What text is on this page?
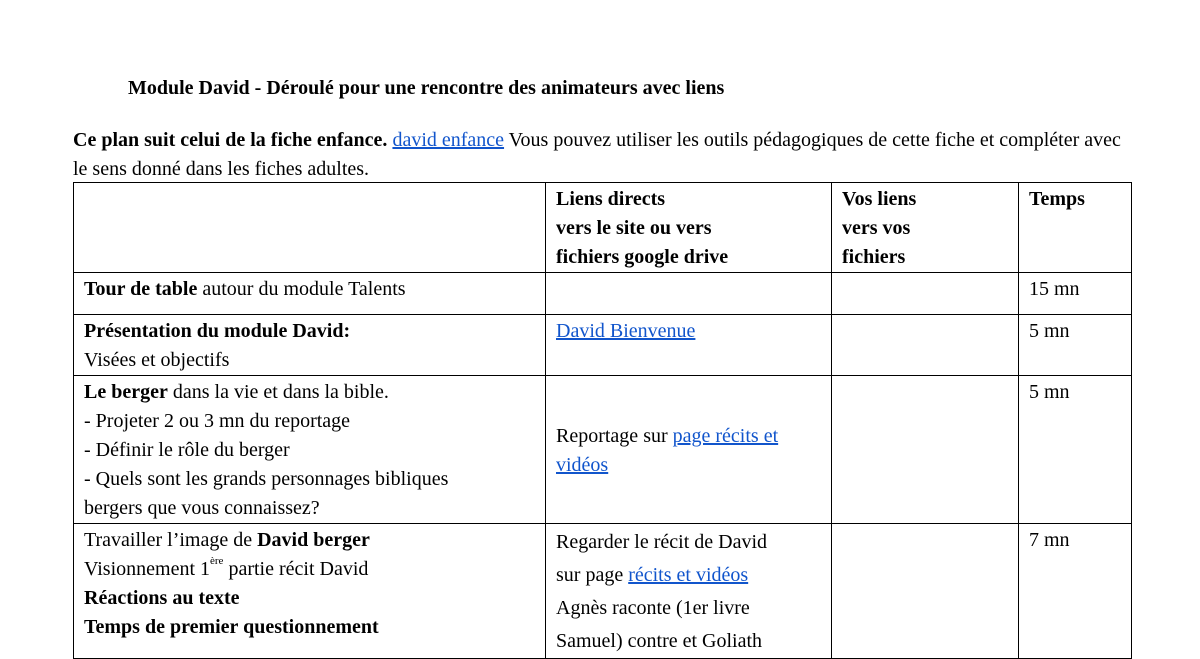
Module David - Déroulé pour une rencontre des animateurs avec liens
Ce plan suit celui de la fiche enfance. david enfance Vous pouvez utiliser les outils pédagogiques de cette fiche et compléter avec le sens donné dans les fiches adultes.

	Liens directs
vers le site ou vers
fichiers google drive	Vos liens
vers vos
fichiers	Temps
Tour de table autour du module Talents			15 mn

Présentation du module David:
Visées et objectifs	David Bienvenue		5 mn

Le berger dans la vie et dans la bible.
- Projeter 2 ou 3 mn du reportage
- Définir le rôle du berger
- Quels sont les grands personnages bibliques
bergers que vous connaissez?	Reportage sur page récits et vidéos		5 mn

Travailler l’image de David berger
Visionnement 1ère partie récit David
Réactions au texte
Temps de premier questionnement	Regarder le récit de David
sur page récits et vidéos
Agnès raconte (1er livre
Samuel) contre et Goliath		7 mn
